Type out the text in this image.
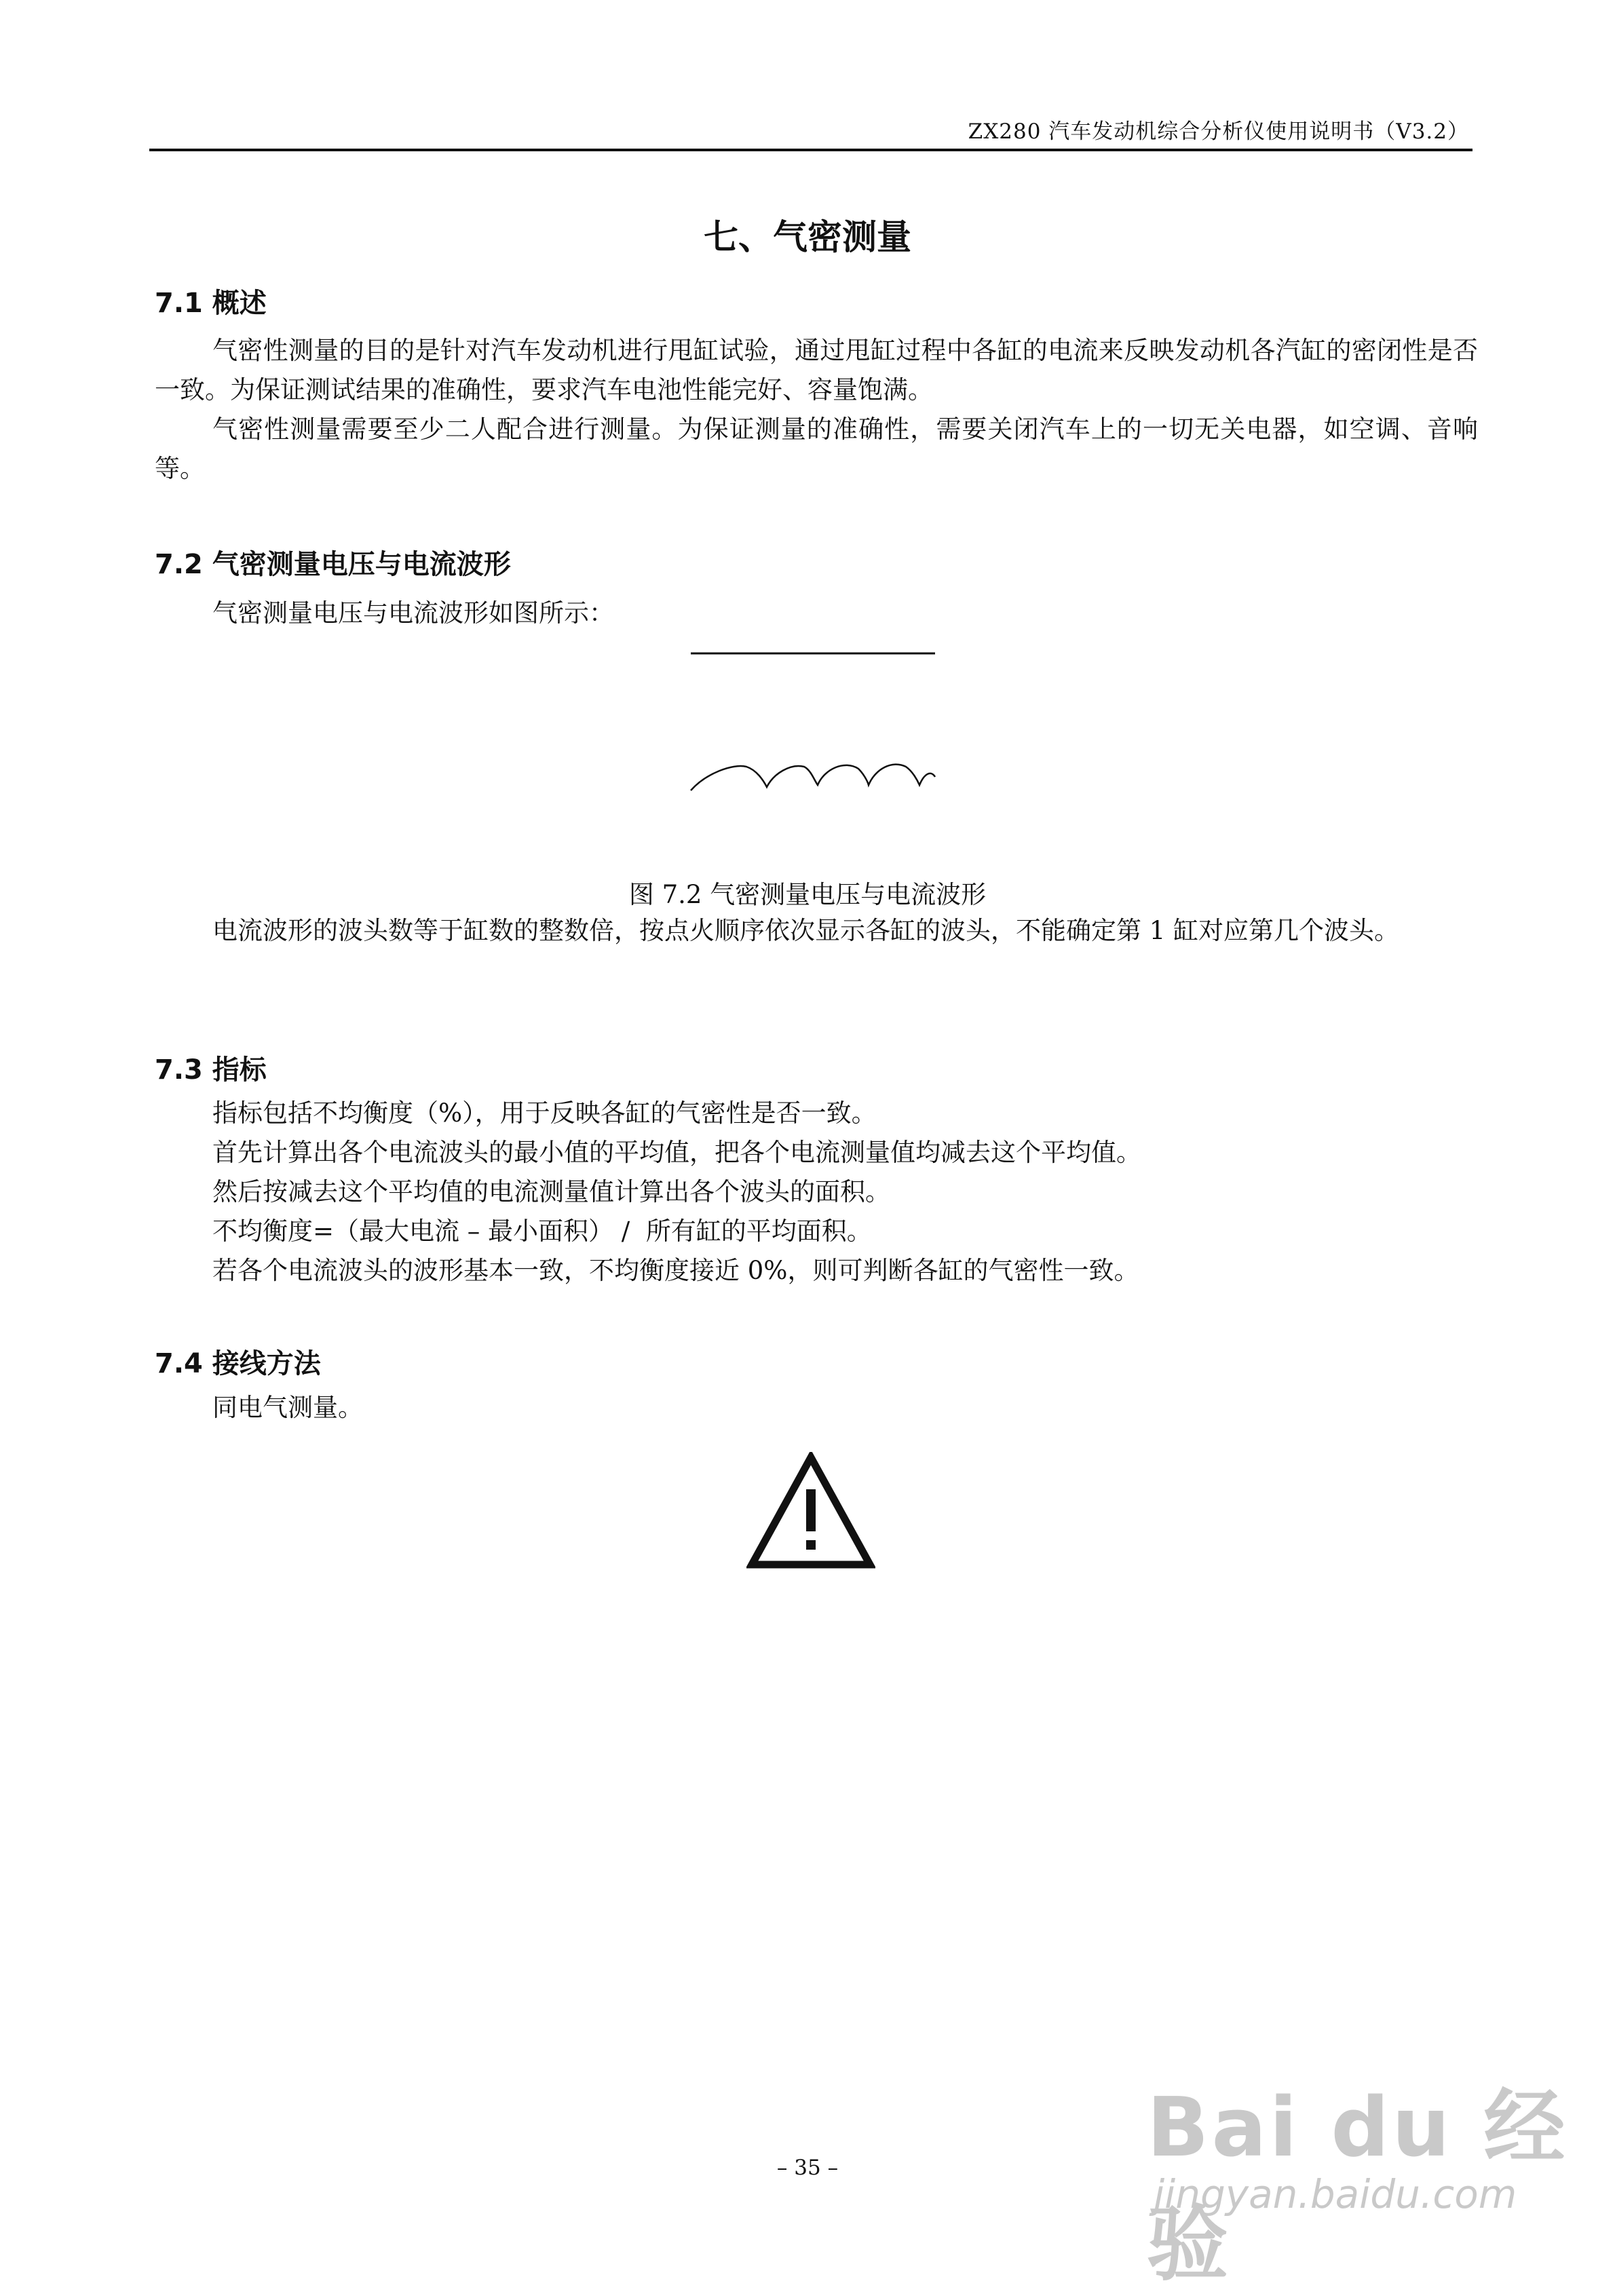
ZX280 汽车发动机综合分析仪使用说明书（V3.2）
七、气密测量
7.1 概述
气密性测量的目的是针对汽车发动机进行甩缸试验，通过甩缸过程中各缸的电流来反映发动机各汽缸的密闭性是否一致。为保证测试结果的准确性，要求汽车电池性能完好、容量饱满。
气密性测量需要至少二人配合进行测量。为保证测量的准确性，需要关闭汽车上的一切无关电器，如空调、音响等。
7.2 气密测量电压与电流波形
气密测量电压与电流波形如图所示：
图 7.2 气密测量电压与电流波形
电流波形的波头数等于缸数的整数倍，按点火顺序依次显示各缸的波头，不能确定第 1 缸对应第几个波头。
7.3 指标
指标包括不均衡度（%），用于反映各缸的气密性是否一致。
首先计算出各个电流波头的最小值的平均值，把各个电流测量值均减去这个平均值。
然后按减去这个平均值的电流测量值计算出各个波头的面积。
不均衡度=（最大电流 – 最小面积） /  所有缸的平均面积。
若各个电流波头的波形基本一致，不均衡度接近 0%，则可判断各缸的气密性一致。
7.4 接线方法
同电气测量。
– 35 –	Bai du 经验
jingyan.baidu.com
